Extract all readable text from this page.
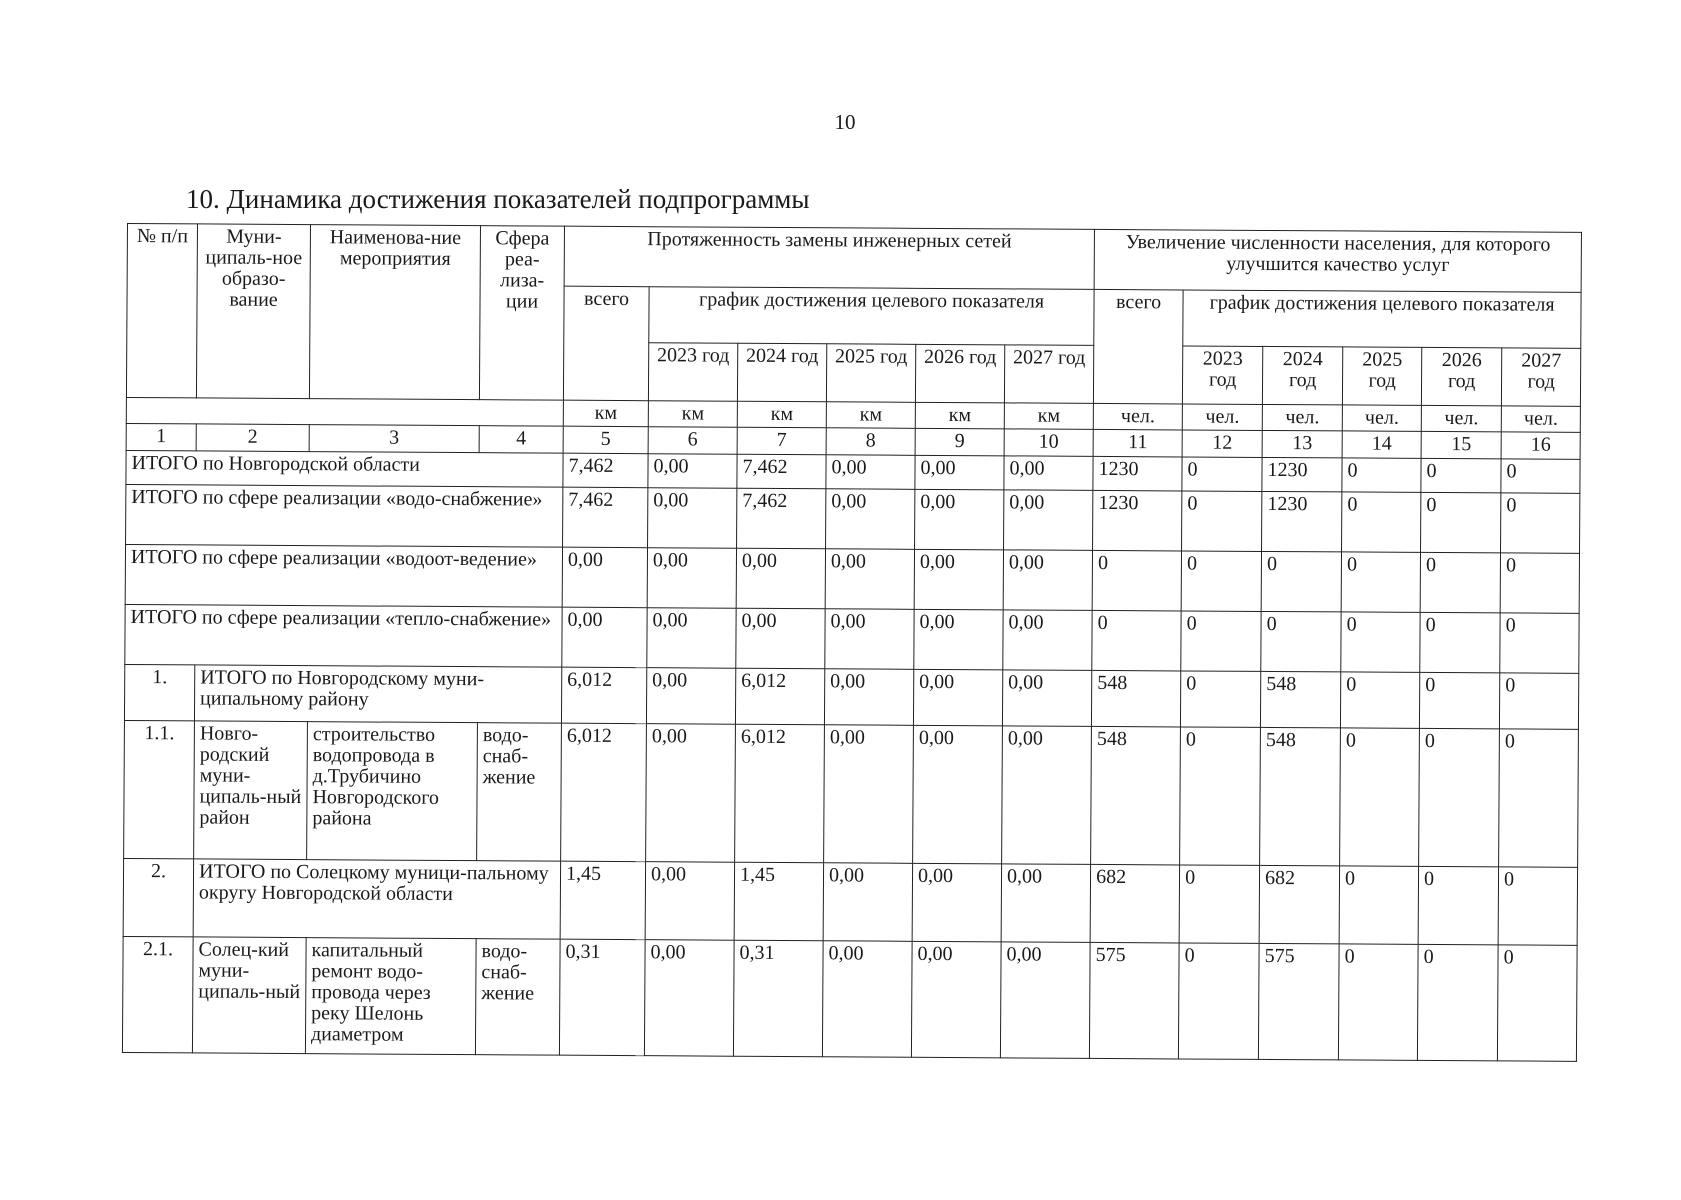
10
10. Динамика достижения показателей подпрограммы
№ п/п	Муни-ципаль-ное образо-вание	Наименова-ние мероприятия	Сфера реа-лиза-ции	Протяженность замены инженерных сетей						Увеличение численности населения, для которого улучшится качество услуг					
				всего	график достижения целевого показателя					всего	график достижения целевого показателя				
					2023 год	2024 год	2025 год	2026 год	2027 год		2023 год	2024 год	2025 год	2026 год	2027 год
				км	км	км	км	км	км	чел.	чел.	чел.	чел.	чел.	чел.
1	2	3	4	5	6	7	8	9	10	11	12	13	14	15	16
ИТОГО по Новгородской области				7,462	0,00	7,462	0,00	0,00	0,00	1230	0	1230	0	0	0
ИТОГО по сфере реализации «водо-снабжение»				7,462	0,00	7,462	0,00	0,00	0,00	1230	0	1230	0	0	0
ИТОГО по сфере реализации «водоот-ведение»				0,00	0,00	0,00	0,00	0,00	0,00	0	0	0	0	0	0
ИТОГО по сфере реализации «тепло-снабжение»				0,00	0,00	0,00	0,00	0,00	0,00	0	0	0	0	0	0
1.	ИТОГО по Новгородскому муни-ципальному району			6,012	0,00	6,012	0,00	0,00	0,00	548	0	548	0	0	0
1.1.	Новго-родский муни-ципаль-ный район	строительство водопровода в д.Трубичино Новгородского района	водо-снаб-жение	6,012	0,00	6,012	0,00	0,00	0,00	548	0	548	0	0	0
2.	ИТОГО по Солецкому муници-пальному округу Новгородской области			1,45	0,00	1,45	0,00	0,00	0,00	682	0	682	0	0	0
2.1.	Солец-кий муни-ципаль-ный	капитальный ремонт водо-провода через реку Шелонь диаметром	водо-снаб-жение	0,31	0,00	0,31	0,00	0,00	0,00	575	0	575	0	0	0
